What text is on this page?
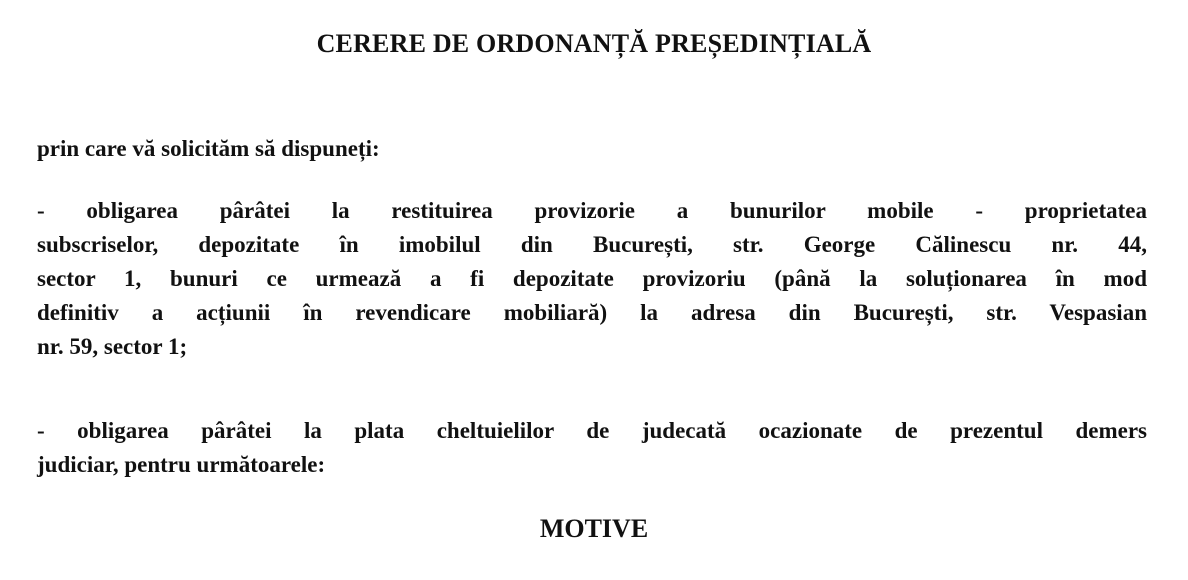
CERERE DE ORDONANȚĂ PREȘEDINȚIALĂ

prin care vă solicităm să dispuneți:

- obligarea pârâtei la restituirea provizorie a bunurilor mobile - proprietatea
subscriselor, depozitate în imobilul din București, str. George Călinescu nr. 44,
sector 1, bunuri ce urmează a fi depozitate provizoriu (până la soluționarea în mod
definitiv a acțiunii în revendicare mobiliară) la adresa din București, str. Vespasian
nr. 59, sector 1;
- obligarea pârâtei la plata cheltuielilor de judecată ocazionate de prezentul demers
judiciar, pentru următoarele:
MOTIVE
